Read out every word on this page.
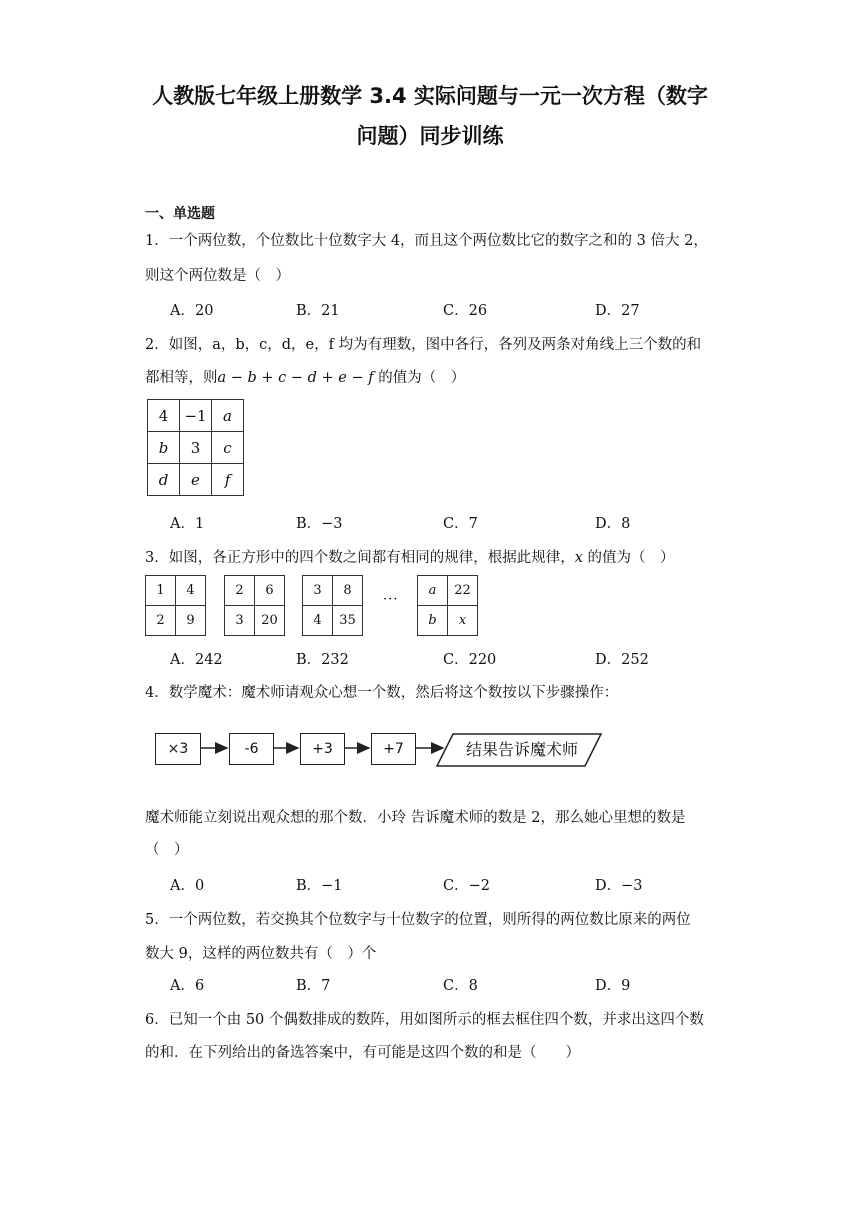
人教版七年级上册数学 3.4 实际问题与一元一次方程（数字
问题）同步训练
一、单选题
1．一个两位数，个位数比十位数字大 4，而且这个两位数比它的数字之和的 3 倍大 2，
则这个两位数是（　）
A．20	B．21	C．26	D．27
2．如图，a，b，c，d，e，f 均为有理数，图中各行，各列及两条对角线上三个数的和
都相等，则a − b + c − d + e − f 的值为（　）
4	−1	a
b	3	c
d	e	f
A．1	B．−3	C．7	D．8
3．如图，各正方形中的四个数之间都有相同的规律，根据此规律，x 的值为（　）
1	4
2	9
2	6
3	20
3	8
4	35
···
a	22
b	x
A．242	B．232	C．220	D．252
4．数学魔术：魔术师请观众心想一个数，然后将这个数按以下步骤操作：
×3	-6	+3	+7	结果告诉魔术师
魔术师能立刻说出观众想的那个数．小玲 告诉魔术师的数是 2，那么她心里想的数是
（　）
A．0	B．−1	C．−2	D．−3
5．一个两位数，若交换其个位数字与十位数字的位置，则所得的两位数比原来的两位
数大 9，这样的两位数共有（　）个
A．6	B．7	C．8	D．9
6．已知一个由 50 个偶数排成的数阵，用如图所示的框去框住四个数，并求出这四个数
的和．在下列给出的备选答案中，有可能是这四个数的和是（　　）
